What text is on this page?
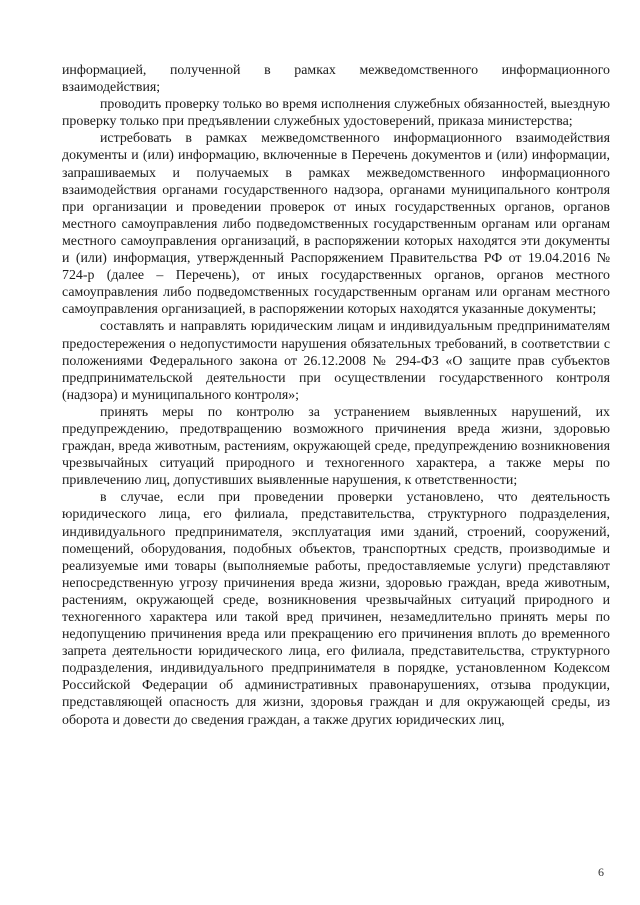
информацией, полученной в рамках межведомственного информационного взаимодействия;

проводить проверку только во время исполнения служебных обязанностей, выездную проверку только при предъявлении служебных удостоверений, приказа министерства;

истребовать в рамках межведомственного информационного взаимодействия документы и (или) информацию, включенные в Перечень документов и (или) информации, запрашиваемых и получаемых в рамках межведомственного информационного взаимодействия органами государственного надзора, органами муниципального контроля при организации и проведении проверок от иных государственных органов, органов местного самоуправления либо подведомственных государственным органам или органам местного самоуправления организаций, в распоряжении которых находятся эти документы и (или) информация, утвержденный Распоряжением Правительства РФ от 19.04.2016 № 724-р (далее – Перечень), от иных государственных органов, органов местного самоуправления либо подведомственных государственным органам или органам местного самоуправления организацией, в распоряжении которых находятся указанные документы;

составлять и направлять юридическим лицам и индивидуальным предпринимателям предостережения о недопустимости нарушения обязательных требований, в соответствии с положениями Федерального закона от 26.12.2008 № 294-ФЗ «О защите прав субъектов предпринимательской деятельности при осуществлении государственного контроля (надзора) и муниципального контроля»;

принять меры по контролю за устранением выявленных нарушений, их предупреждению, предотвращению возможного причинения вреда жизни, здоровью граждан, вреда животным, растениям, окружающей среде, предупреждению возникновения чрезвычайных ситуаций природного и техногенного характера, а также меры по привлечению лиц, допустивших выявленные нарушения, к ответственности;

в случае, если при проведении проверки установлено, что деятельность юридического лица, его филиала, представительства, структурного подразделения, индивидуального предпринимателя, эксплуатация ими зданий, строений, сооружений, помещений, оборудования, подобных объектов, транспортных средств, производимые и реализуемые ими товары (выполняемые работы, предоставляемые услуги) представляют непосредственную угрозу причинения вреда жизни, здоровью граждан, вреда животным, растениям, окружающей среде, возникновения чрезвычайных ситуаций природного и техногенного характера или такой вред причинен, незамедлительно принять меры по недопущению причинения вреда или прекращению его причинения вплоть до временного запрета деятельности юридического лица, его филиала, представительства, структурного подразделения, индивидуального предпринимателя в порядке, установленном Кодексом Российской Федерации об административных правонарушениях, отзыва продукции, представляющей опасность для жизни, здоровья граждан и для окружающей среды, из оборота и довести до сведения граждан, а также других юридических лиц,

6
